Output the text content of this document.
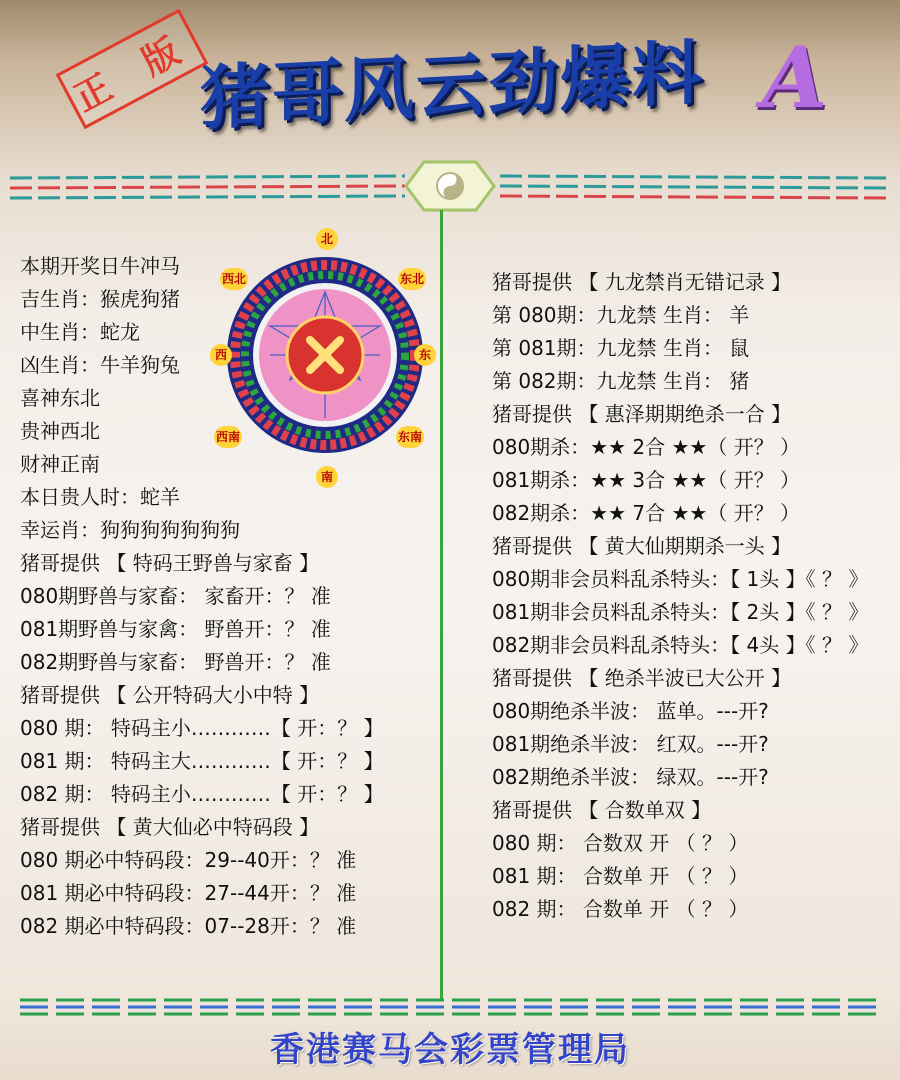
正 版 猪哥风云劲爆料 A
本期开奖日牛冲马
吉生肖：猴虎狗猪
中生肖：蛇龙
凶生肖：牛羊狗兔
喜神东北
贵神西北
财神正南
本日贵人时：蛇羊
幸运肖：狗狗狗狗狗狗狗
猪哥提供 【 特码王野兽与家畜 】
080期野兽与家畜： 家畜开：？ 准
081期野兽与家禽： 野兽开：？ 准
082期野兽与家畜： 野兽开：？ 准
猪哥提供 【 公开特码大小中特 】
080 期： 特码主小…………【 开：？ 】
081 期： 特码主大…………【 开：？ 】
082 期： 特码主小…………【 开：？ 】
猪哥提供 【 黄大仙必中特码段 】
080 期必中特码段：29--40开：？ 准
081 期必中特码段：27--44开：？ 准
082 期必中特码段：07--28开：？ 准
北
东北
东
东南
南
西南
西
西北	猪哥提供 【 九龙禁肖无错记录 】
第 080期：九龙禁 生肖： 羊
第 081期：九龙禁 生肖： 鼠
第 082期：九龙禁 生肖： 猪
猪哥提供 【 惠泽期期绝杀一合 】
080期杀：★★ 2合 ★★（ 开？ ）
081期杀：★★ 3合 ★★（ 开？ ）
082期杀：★★ 7合 ★★（ 开？ ）
猪哥提供 【 黄大仙期期杀一头 】
080期非会员料乱杀特头：【 1头 】《 ？ 》
081期非会员料乱杀特头：【 2头 】《 ？ 》
082期非会员料乱杀特头：【 4头 】《 ？ 》
猪哥提供 【 绝杀半波已大公开 】
080期绝杀半波： 蓝单。---开?
081期绝杀半波： 红双。---开?
082期绝杀半波： 绿双。---开?
猪哥提供 【 合数单双 】
080 期： 合数双 开 （ ？ ）
081 期： 合数单 开 （ ？ ）
082 期： 合数单 开 （ ？ ）
香港赛马会彩票管理局
